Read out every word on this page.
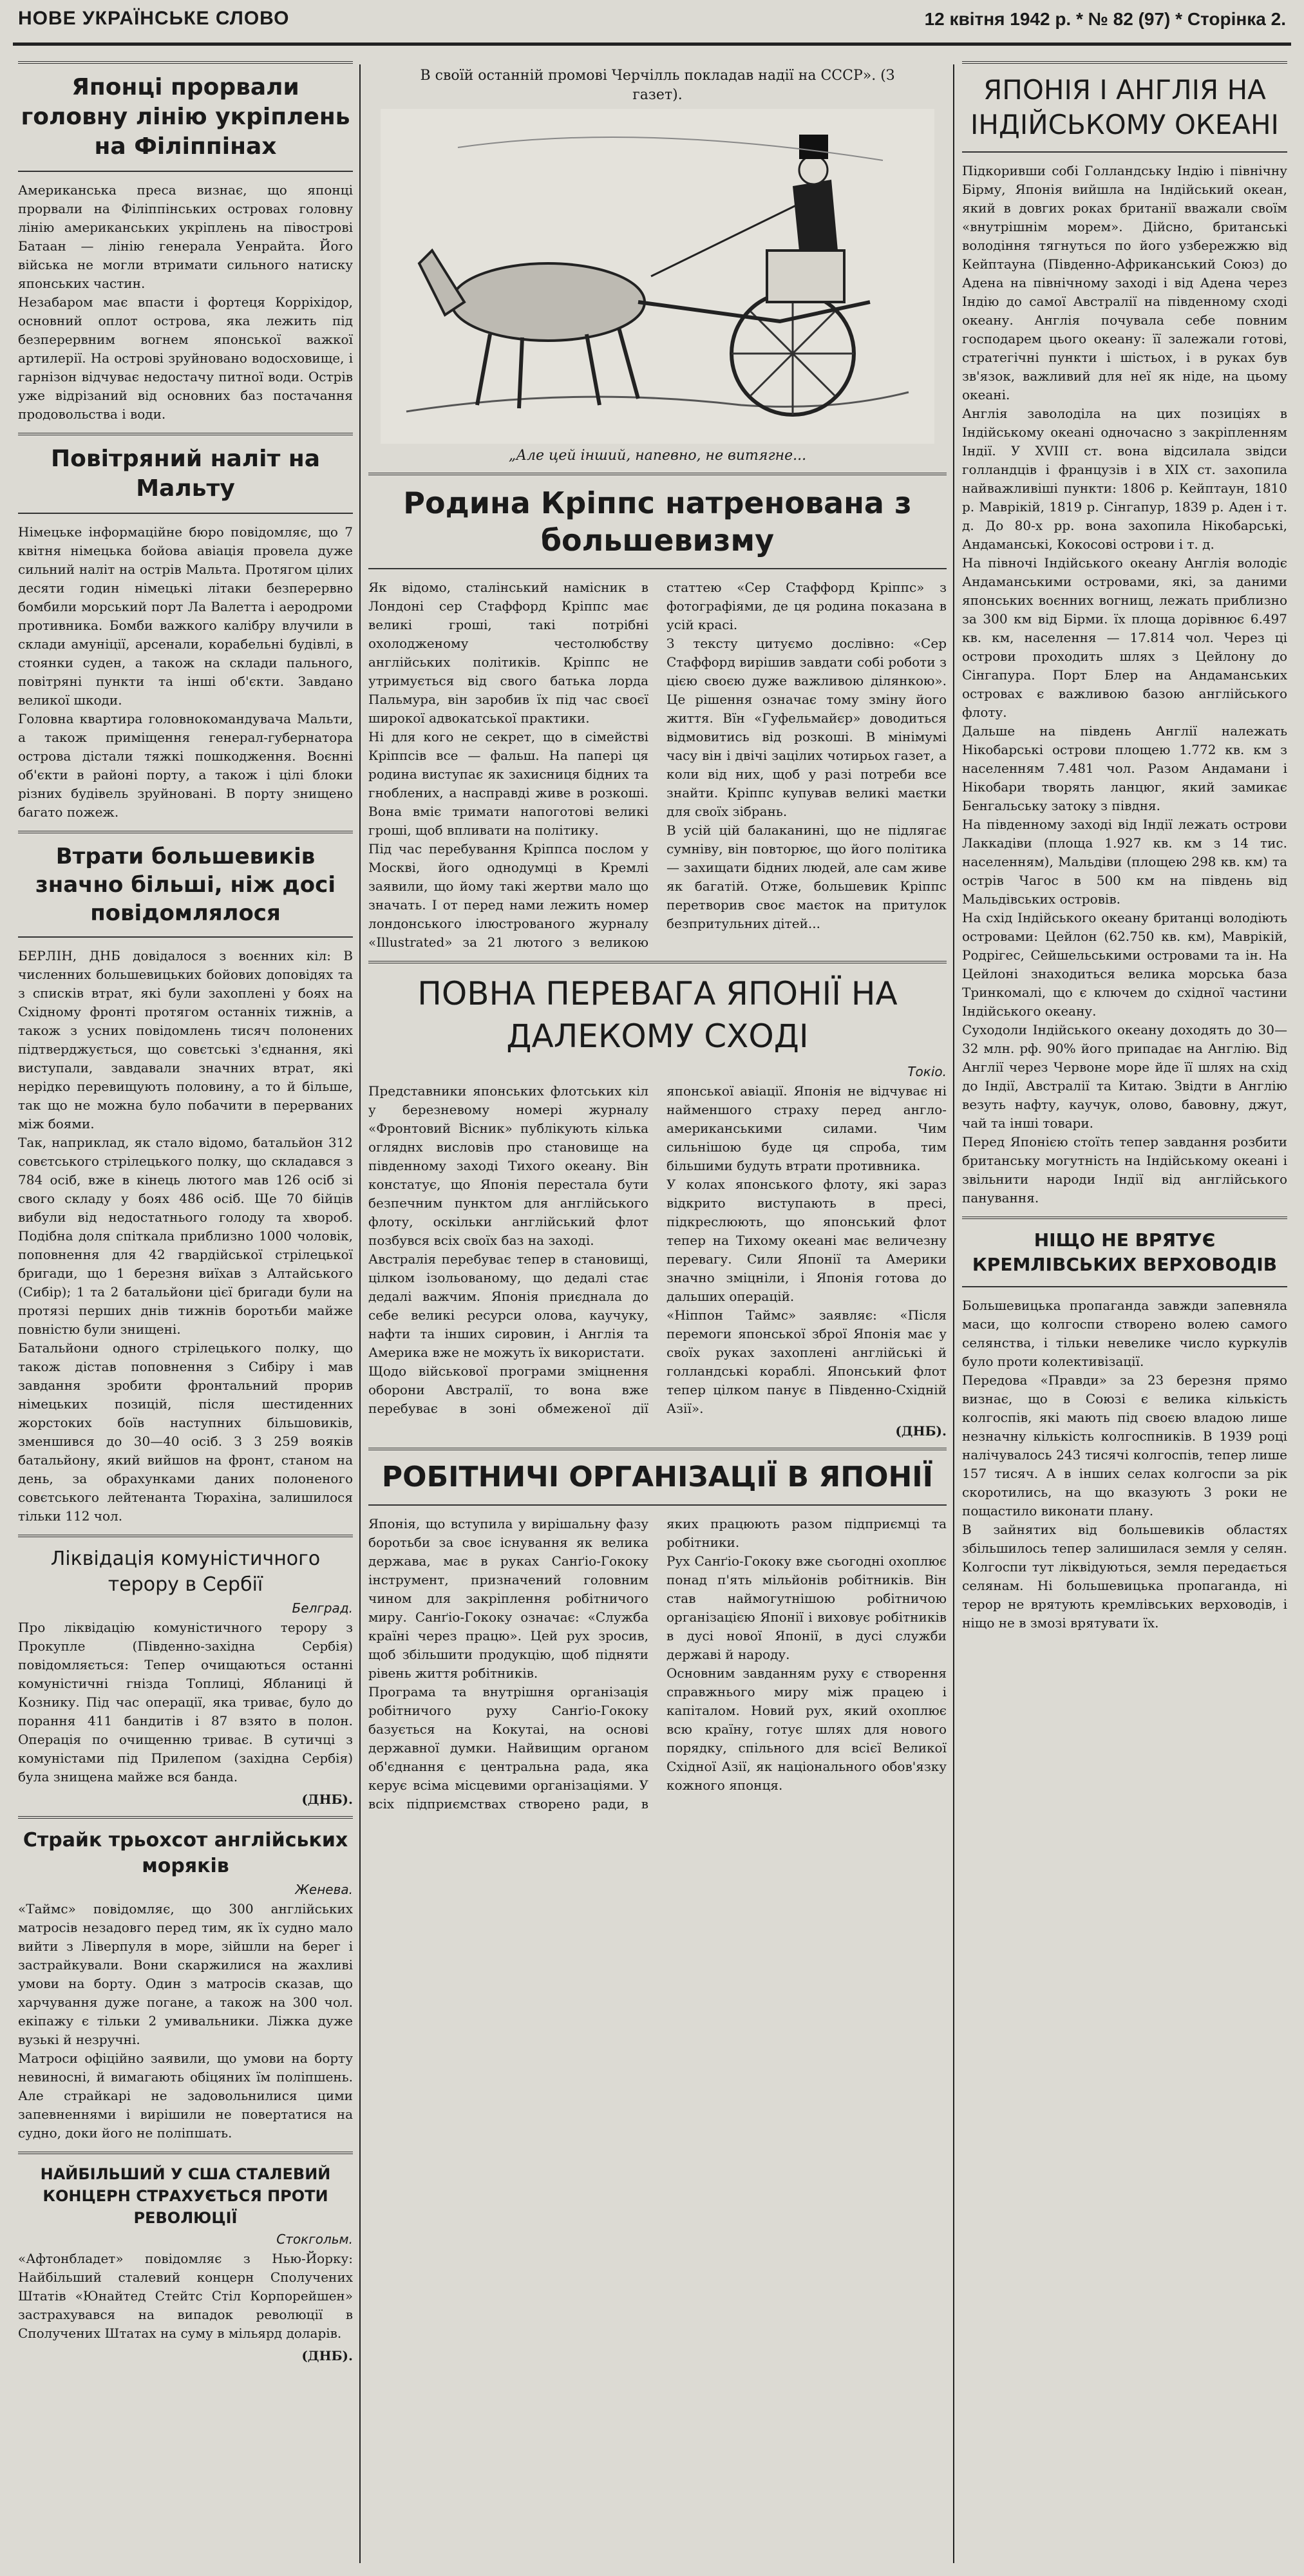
НОВЕ УКРАЇНСЬКЕ СЛОВО	12 квітня 1942 р. * № 82 (97) * Сторінка 2.
Японці прорвали головну лінію укріплень на Філіппінах

Американська преса визнає, що японці прорвали на Філіппінських островах головну лінію американських укріплень на півострові Батаан — лінію генерала Уенрайта. Його війська не могли втримати сильного натиску японських частин.
Незабаром має впасти і фортеця Корріхідор, основний оплот острова, яка лежить під безперервним вогнем японської важкої артилерії. На острові зруйновано водосховище, і гарнізон відчуває недостачу питної води. Острів уже відрізаний від основних баз постачання продовольства і води.

Повітряний наліт на Мальту

Німецьке інформаційне бюро повідомляє, що 7 квітня німецька бойова авіація провела дуже сильний наліт на острів Мальта. Протягом цілих десяти годин німецькі літаки безперервно бомбили морський порт Ла Валетта і аеродроми противника. Бомби важкого калібру влучили в склади амуніції, арсенали, корабельні будівлі, в стоянки суден, а також на склади пального, повітряні пункти та інші об'єкти. Завдано великої шкоди.
Головна квартира головнокомандувача Мальти, а також приміщення генерал-губернатора острова дістали тяжкі пошкодження. Воєнні об'єкти в районі порту, а також і цілі блоки різних будівель зруйновані. В порту знищено багато пожеж.

Втрати большевиків значно більші, ніж досі повідомлялося

БЕРЛІН, ДНБ довідалося з воєнних кіл: В численних большевицьких бойових доповідях та з списків втрат, які були захоплені у боях на Східному фронті протягом останніх тижнів, а також з усних повідомлень тисяч полонених підтверджується, що совєтські з'єднання, які виступали, завдавали значних втрат, які нерідко перевищують половину, а то й більше, так що не можна було побачити в перерваних між боями.
Так, наприклад, як стало відомо, батальйон 312 совєтського стрілецького полку, що складався з 784 осіб, вже в кінець лютого мав 126 осіб зі свого складу у боях 486 осіб. Ще 70 бійців вибули від недостатнього голоду та хвороб. Подібна доля спіткала приблизно 1000 чоловік, поповнення для 42 гвардійської стрілецької бригади, що 1 березня виїхав з Алтайського (Сибір); 1 та 2 батальйони цієї бригади були на протязі перших днів тижнів боротьби майже повністю були знищені.
Батальйони одного стрілецького полку, що також дістав поповнення з Сибіру і мав завдання зробити фронтальний прорив німецьких позицій, після шестиденних жорстоких боїв наступних більшовиків, зменшився до 30—40 осіб. З 3 259 вояків батальйону, який вийшов на фронт, станом на день, за обрахунками даних полоненого совєтського лейтенанта Тюрахіна, залишилося тільки 112 чол.

Ліквідація комуністичного терору в Сербії

Белград.

Про ліквідацію комуністичного терору з Прокупле (Південно-західна Сербія) повідомляється: Тепер очищаються останні комуністичні гнізда Топлиці, Ябланиці й Кознику. Під час операції, яка триває, було до порання 411 бандитів і 87 взято в полон. Операція по очищенню триває. В сутичці з комуністами під Прилепом (західна Сербія) була знищена майже вся банда.

(ДНБ).

Страйк трьохсот англійських моряків

Женева.

«Таймс» повідомляє, що 300 англійських матросів незадовго перед тим, як їх судно мало вийти з Ліверпуля в море, зійшли на берег і застрайкували. Вони скаржилися на жахливі умови на борту. Один з матросів сказав, що харчування дуже погане, а також на 300 чол. екіпажу є тільки 2 умивальники. Ліжка дуже вузькі й незручні.
Матроси офіційно заявили, що умови на борту невиносні, й вимагають обіцяних їм поліпшень. Але страйкарі не задовольнилися цими запевненнями і вирішили не повертатися на судно, доки його не поліпшать.

НАЙБІЛЬШИЙ У США СТАЛЕВИЙ КОНЦЕРН СТРАХУЄТЬСЯ ПРОТИ РЕВОЛЮЦІЇ

Стокгольм.

«Афтонбладет» повідомляє з Нью-Йорку: Найбільший сталевий концерн Сполучених Штатів «Юнайтед Стейтс Стіл Корпорейшен» застрахувався на випадок революції в Сполучених Штатах на суму в мільярд доларів.

(ДНБ).

В своїй останній промові Черчілль покладав надії на СССР». (З газет).

„Але цей інший, напевно, не витягне...

Родина Кріппс натренована з большевизму

Як відомо, сталінський намісник в Лондоні сер Стаффорд Кріппс має великі гроші, такі потрібні охолодженому честолюбству англійських політиків. Кріппс не утримується від свого батька лорда Пальмура, він заробив їх під час своєї широкої адвокатської практики.
Ні для кого не секрет, що в сімействі Кріппсів все — фальш. На папері ця родина виступає як захисниця бідних та гноблених, а насправді живе в розкоші. Вона вміє тримати напоготові великі гроші, щоб впливати на політику.
Під час перебування Кріппса послом у Москві, його однодумці в Кремлі заявили, що йому такі жертви мало що значать. І от перед нами лежить номер лондонського ілюстрованого журналу «Illustrated» за 21 лютого з великою статтею «Сер Стаффорд Кріппс» з фотографіями, де ця родина показана в усій красі.
З тексту цитуємо дослівно: «Сер Стаффорд вирішив завдати собі роботи з цією своєю дуже важливою ділянкою». Це рішення означає тому зміну його життя. Вїн «Гуфельмайєр» доводиться відмовитись від розкоші. В мінімумі часу він і двічі зацілих чотирьох газет, а коли від них, щоб у разі потреби все знайти. Кріппс купував великі маєтки для своїх зібрань.
В усій цій балаканині, що не підлягає сумніву, він повторює, що його політика — захищати бідних людей, але сам живе як багатій. Отже, большевик Кріппс перетворив своє маєток на притулок безпритульних дітей...

ПОВНА ПЕРЕВАГА ЯПОНІЇ НА ДАЛЕКОМУ СХОДІ

Токіо.

Представники японських флотських кіл у березневому номері журналу «Фронтовий Вісник» публікують кілька огляднх висловів про становище на південному заході Тихого океану. Він констатує, що Японія перестала бути безпечним пунктом для англійського флоту, оскільки англійський флот позбувся всіх своїх баз на заході.
Австралія перебуває тепер в становищі, цілком ізольованому, що дедалі стає дедалі важчим. Японія приєднала до себе великі ресурси олова, каучуку, нафти та інших сировин, і Англія та Америка вже не можуть їх використати.
Щодо військової програми зміцнення оборони Австралії, то вона вже перебуває в зоні обмеженої дії японської авіації. Японія не відчуває ні найменшого страху перед англо-американськими силами. Чим сильнішою буде ця спроба, тим більшими будуть втрати противника.
У колах японського флоту, які зараз відкрито виступають в пресі, підкреслюють, що японський флот тепер на Тихому океані має величезну перевагу. Сили Японії та Америки значно зміцніли, і Японія готова до дальших операцій.
«Ніппон Таймс» заявляє: «Після перемоги японської зброї Японія має у своїх руках захоплені англійські й голландські кораблі. Японський флот тепер цілком панує в Південно-Східній Азії».

(ДНБ).

РОБІТНИЧІ ОРГАНІЗАЦІЇ В ЯПОНІЇ

Японія, що вступила у вирішальну фазу боротьби за своє існування як велика держава, має в руках Санґіо-Гококу інструмент, призначений головним чином для закріплення робітничого миру. Санґіо-Гококу означає: «Служба країні через працю». Цей рух зросив, щоб збільшити продукцію, щоб підняти рівень життя робітників.
Програма та внутрішня організація робітничого руху Санґіо-Гококу базується на Кокутаі, на основі державної думки. Найвищим органом об'єднання є центральна рада, яка керує всіма місцевими організаціями. У всіх підприємствах створено ради, в яких працюють разом підприємці та робітники.
Рух Санґіо-Гококу вже сьогодні охоплює понад п'ять мільйонів робітників. Він став наймогутнішою робітничою організацією Японії і виховує робітників в дусі нової Японії, в дусі служби державі й народу.
Основним завданням руху є створення справжнього миру між працею і капіталом. Новий рух, який охоплює всю країну, готує шлях для нового порядку, спільного для всієї Великої Східної Азії, як національного обов'язку кожного японця.

ЯПОНІЯ І АНГЛІЯ НА ІНДІЙСЬКОМУ ОКЕАНІ

Підкоривши собі Голландську Індію і північну Бірму, Японія вийшла на Індійський океан, який в довгих роках британії вважали своїм «внутрішнім морем». Дійсно, британські володіння тягнуться по його узбережжю від Кейптауна (Південно-Африканський Союз) до Адена на північному заході і від Адена через Індію до самої Австралії на південному сході океану. Англія почувала себе повним господарем цього океану: її залежали готові, стратегічні пункти і шістьох, і в руках був зв'язок, важливий для неї як ніде, на цьому океані.
Англія заволоділа на цих позиціях в Індійському океані одночасно з закріпленням Індії. У XVIII ст. вона відсилала звідси голландців і французів і в XIX ст. захопила найважливіші пункти: 1806 р. Кейптаун, 1810 р. Маврікій, 1819 р. Сінгапур, 1839 р. Аден і т. д. До 80-х рр. вона захопила Нікобарські, Андаманські, Кокосові острови і т. д.
На півночі Індійського океану Англія володіє Андаманськими островами, які, за даними японських воєнних вогнищ, лежать приблизно за 300 км від Бірми. їх площа дорівнює 6.497 кв. км, населення — 17.814 чол. Через ці острови проходить шлях з Цейлону до Сінгапура. Порт Блер на Андаманських островах є важливою базою англійського флоту.
Дальше на південь Англії належать Нікобарські острови площею 1.772 кв. км з населенням 7.481 чол. Разом Андамани і Нікобари творять ланцюг, який замикає Бенгальську затоку з півдня.
На південному заході від Індії лежать острови Лаккадіви (площа 1.927 кв. км з 14 тис. населенням), Мальдіви (площею 298 кв. км) та острів Чагос в 500 км на південь від Мальдівських островів.
На схід Індійського океану британці володіють островами: Цейлон (62.750 кв. км), Маврікій, Родрігес, Сейшельськими островами та ін. На Цейлоні знаходиться велика морська база Тринкомалі, що є ключем до східної частини Індійського океану.
Суходоли Індійського океану доходять до 30—32 млн. рф. 90% його припадає на Англію. Від Англії через Червоне море йде її шлях на схід до Індії, Австралії та Китаю. Звідти в Англію везуть нафту, каучук, олово, бавовну, джут, чай та інші товари.
Перед Японією стоїть тепер завдання розбити британську могутність на Індійському океані і звільнити народи Індії від англійського панування.

НІЩО НЕ ВРЯТУЄ КРЕМЛІВСЬКИХ ВЕРХОВОДІВ

Большевицька пропаганда завжди запевняла маси, що колгоспи створено волею самого селянства, і тільки невелике число куркулів було проти колективізації.
Передова «Правди» за 23 березня прямо визнає, що в Союзі є велика кількість колгоспів, які мають під своєю владою лише незначну кількість колгоспників. В 1939 році налічувалось 243 тисячі колгоспів, тепер лише 157 тисяч. А в інших селах колгоспи за рік скоротились, на що вказують 3 роки не пощастило виконати плану.
В зайнятих від большевиків областях збільшилось тепер залишилася земля у селян. Колгоспи тут ліквідуються, земля передається селянам. Ні большевицька пропаганда, ні терор не врятують кремлівських верховодів, і ніщо не в змозі врятувати їх.
